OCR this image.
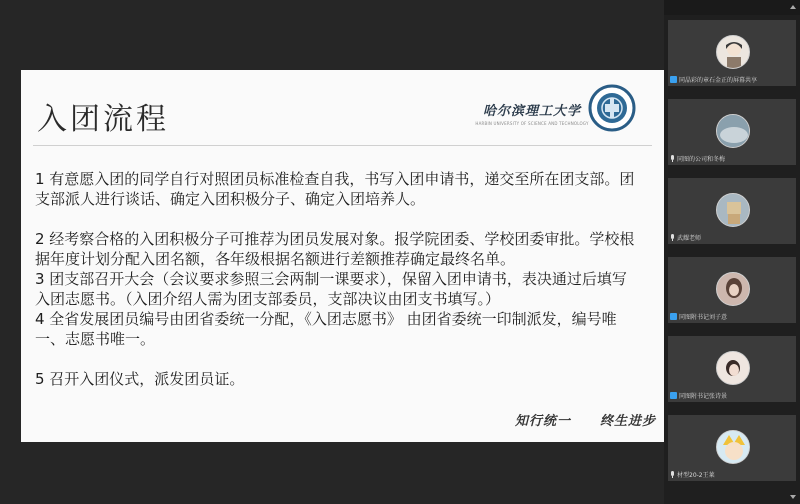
入团流程	哈尔滨理工大学
HARBIN UNIVERSITY OF SCIENCE AND TECHNOLOGY

1 有意愿入团的同学自行对照团员标准检查自我，书写入团申请书，递交至所在团支部。团支部派人进行谈话、确定入团积极分子、确定入团培养人。

2 经考察合格的入团积极分子可推荐为团员发展对象。报学院团委、学校团委审批。学校根据年度计划分配入团名额，各年级根据名额进行差额推荐确定最终名单。

3 团支部召开大会（会议要求参照三会两制一课要求），保留入团申请书，表决通过后填写入团志愿书。（入团介绍人需为团支部委员，支部决议由团支书填写。）

4 全省发展团员编号由团省委统一分配，《入团志愿书》 由团省委统一印制派发，编号唯一、志愿书唯一。

5 召开入团仪式，派发团员证。

知行统一 终生进步
同晶彩的章石金正的屏幕共享
同图的公司和冬梅
武耀老师
同图附书记刘子意
同图附书记张诗景
材型20-2王莱
